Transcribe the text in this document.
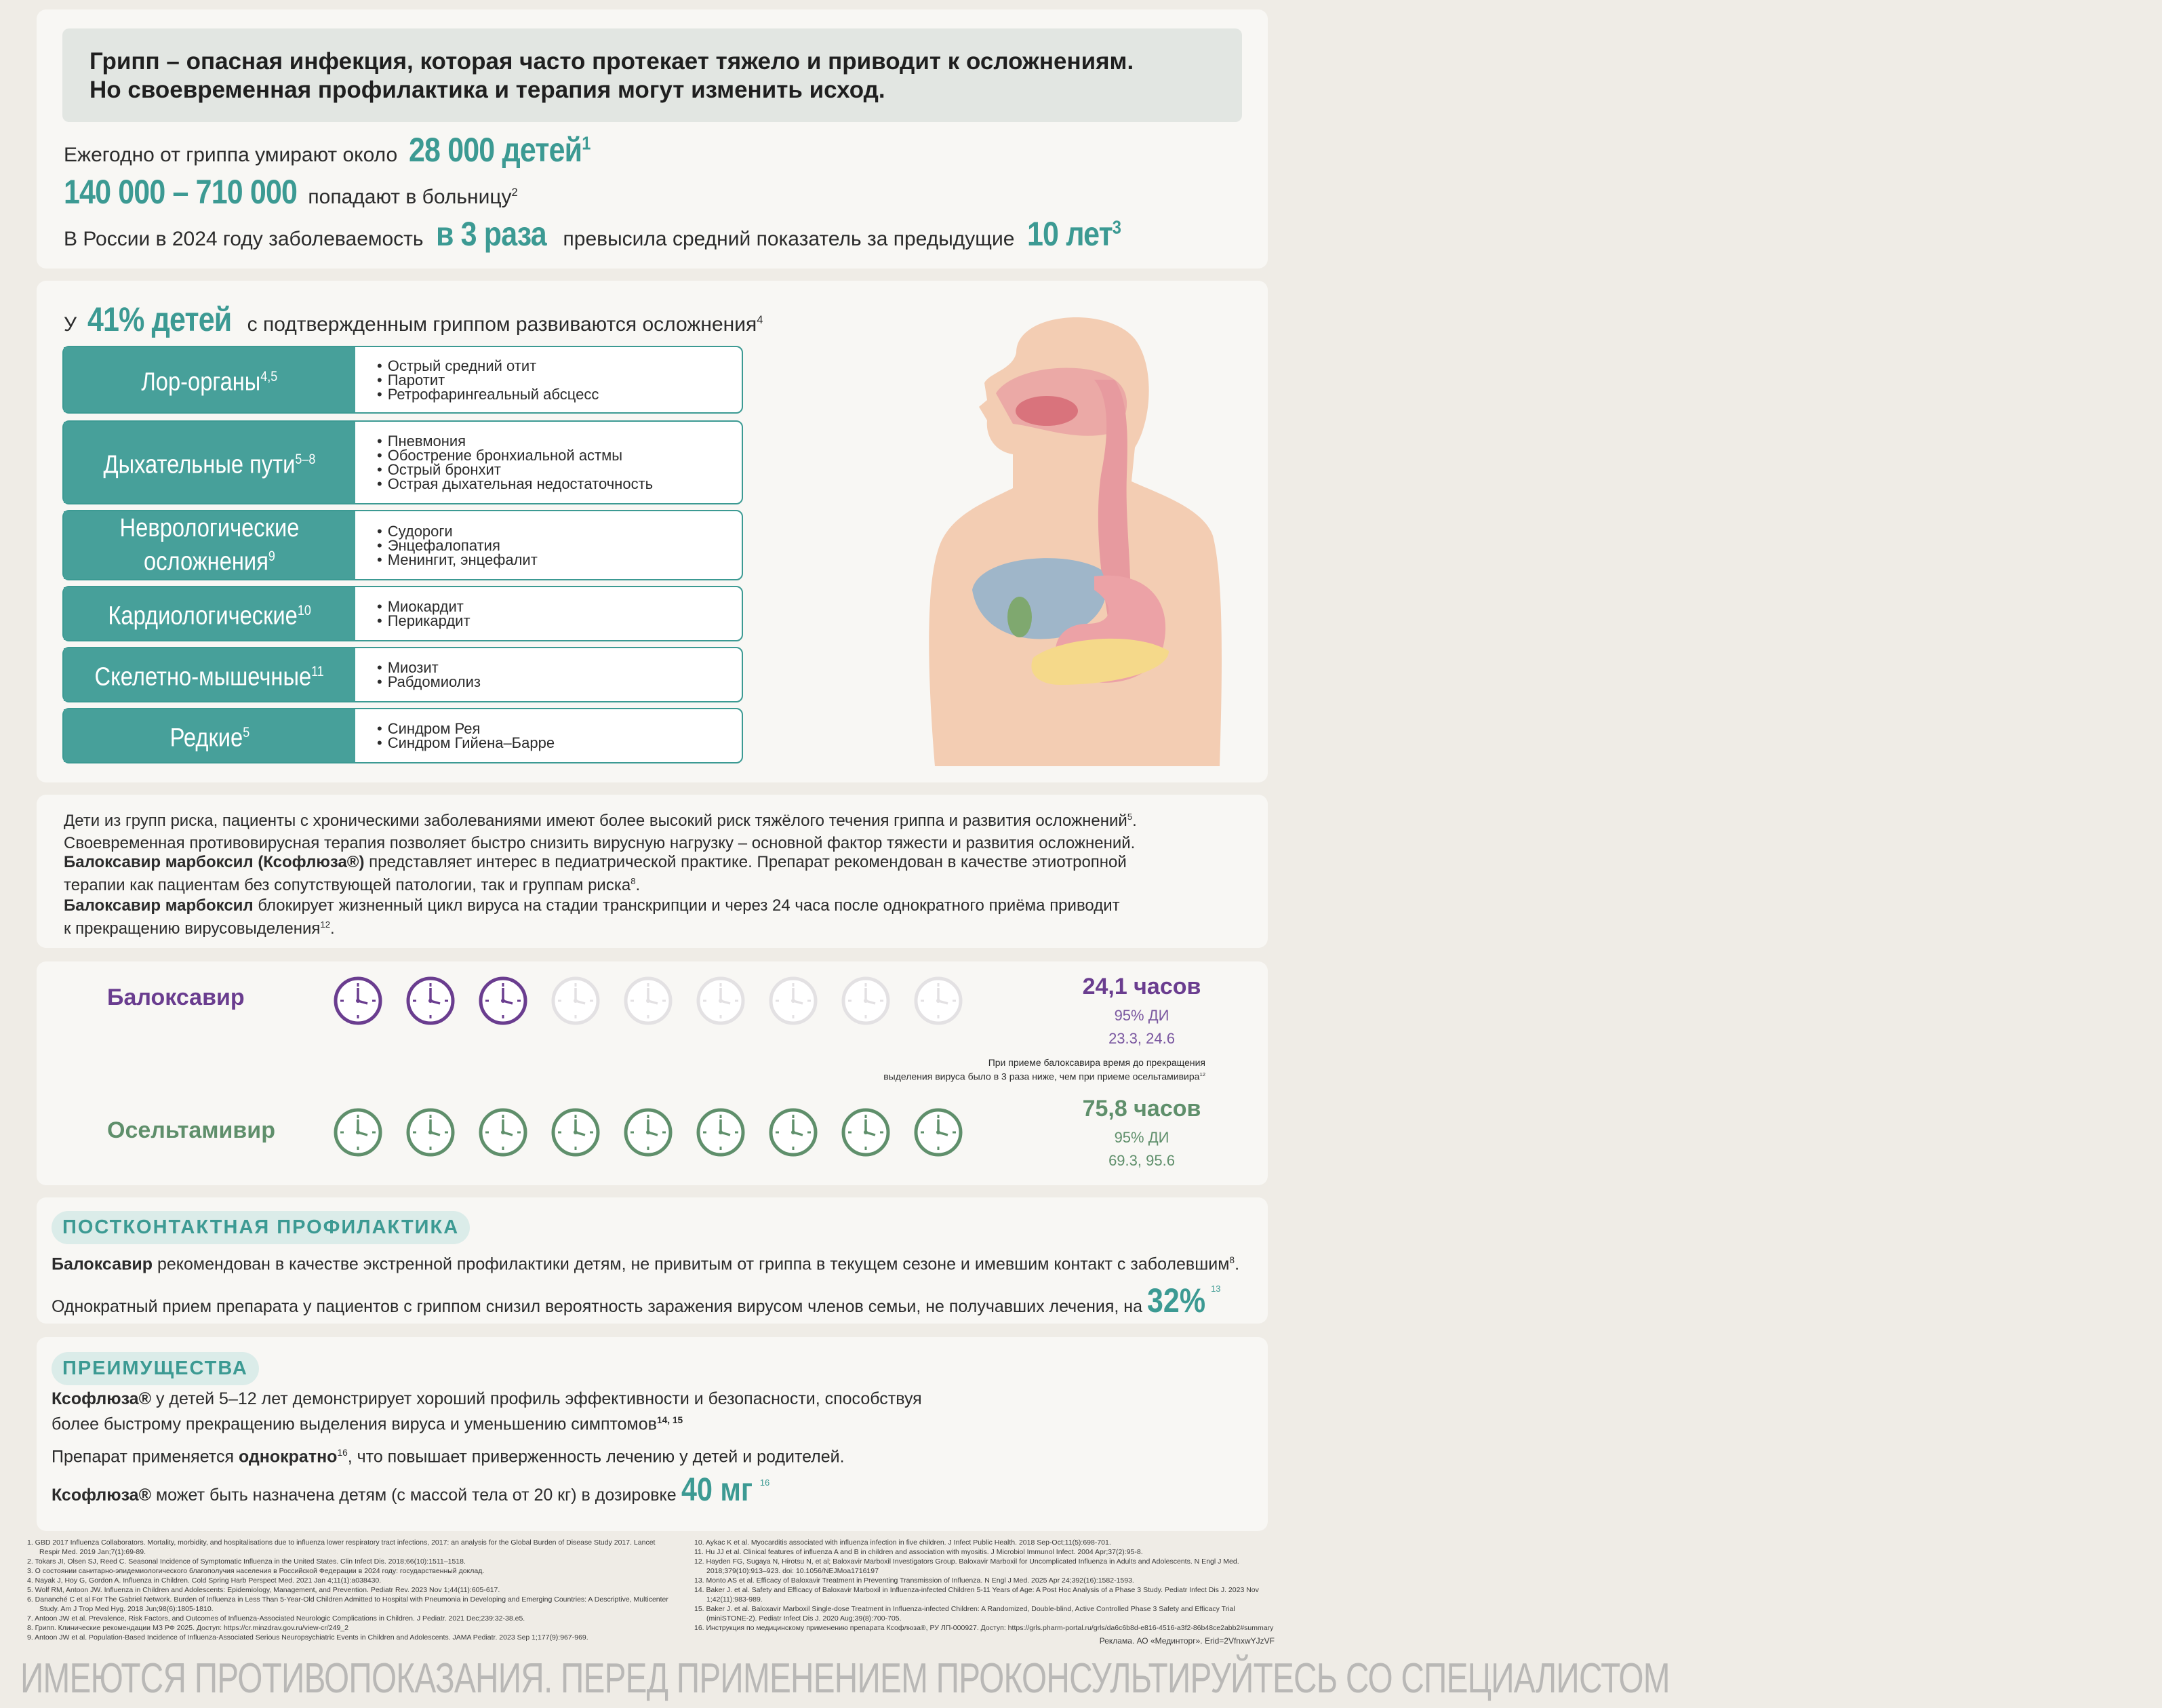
Грипп – опасная инфекция, которая часто протекает тяжело и приводит к осложнениям.
Но своевременная профилактика и терапия могут изменить исход.
Ежегодно от гриппа умирают около 28 000 детей$^1$
140 000 – 710 000 попадают в больницу$^2$
В России в 2024 году заболеваемость в 3 раза превысила средний показатель за предыдущие 10 лет$^3$
У 41% детей с подтвержденным гриппом развиваются осложнения$^4$
Лор-органы$^{4,5}$
• Острый средний отит
• Паротит
• Ретрофарингеальный абсцесс
Дыхательные пути$^{5-8}$
• Пневмония
• Обострение бронхиальной астмы
• Острый бронхит
• Острая дыхательная недостаточность
Неврологические
осложнения$^9$
• Судороги
• Энцефалопатия
• Менингит, энцефалит
Кардиологические$^{10}$	• Миокардит
• Перикардит
Скелетно-мышечные$^{11}$	• Миозит
• Рабдомиолиз
Редкие$^5$	• Синдром Рея
• Синдром Гийена–Барре
Дети из групп риска, пациенты с хроническими заболеваниями имеют более высокий риск тяжёлого течения гриппа и развития осложнений$^5$.
Своевременная противовирусная терапия позволяет быстро снизить вирусную нагрузку – основной фактор тяжести и развития осложнений.
Балоксавир марбоксил (Ксофлюза®) представляет интерес в педиатрической практике. Препарат рекомендован в качестве этиотропной
терапии как пациентам без сопутствующей патологии, так и группам риска$^8$.
Балоксавир марбоксил блокирует жизненный цикл вируса на стадии транскрипции и через 24 часа после однократного приёма приводит
к прекращению вирусовыделения$^{12}$.
Балоксавир	24,1 часов
95% ДИ
23.3, 24.6
При приеме балоксавира время до прекращения
выделения вируса было в 3 раза ниже, чем при приеме осельтамивира$^{12}$
Осельтамивир
75,8 часов
95% ДИ
69.3, 95.6
ПОСТКОНТАКТНАЯ ПРОФИЛАКТИКА
Балоксавир рекомендован в качестве экстренной профилактики детям, не привитым от гриппа в текущем сезоне и имевшим контакт с заболевшим$^8$.
Однократный прием препарата у пациентов с гриппом снизил вероятность заражения вирусом членов семьи, не получавших лечения, на 32% $^{13}$
ПРЕИМУЩЕСТВА
Ксофлюза® у детей 5–12 лет демонстрирует хороший профиль эффективности и безопасности, способствуя
более быстрому прекращению выделения вируса и уменьшению симптомов$^{14, 15}$
Препарат применяется однократно$^{16}$, что повышает приверженность лечению у детей и родителей.
Ксофлюза® может быть назначена детям (с массой тела от 20 кг) в дозировке 40 мг $^{16}$
1. GBD 2017 Influenza Collaborators. Mortality, morbidity, and hospitalisations due to influenza lower respiratory tract infections, 2017: an analysis for the Global Burden of Disease Study 2017. Lancet Respir Med. 2019 Jan;7(1):69-89.
2. Tokars JI, Olsen SJ, Reed C. Seasonal Incidence of Symptomatic Influenza in the United States. Clin Infect Dis. 2018;66(10):1511–1518.
3. О состоянии санитарно-эпидемиологического благополучия населения в Российской Федерации в 2024 году: государственный доклад.
4. Nayak J, Hoy G, Gordon A. Influenza in Children. Cold Spring Harb Perspect Med. 2021 Jan 4;11(1):a038430.
5. Wolf RM, Antoon JW. Influenza in Children and Adolescents: Epidemiology, Management, and Prevention. Pediatr Rev. 2023 Nov 1;44(11):605-617.
6. Dananché C et al For The Gabriel Network. Burden of Influenza in Less Than 5-Year-Old Children Admitted to Hospital with Pneumonia in Developing and Emerging Countries: A Descriptive, Multicenter Study. Am J Trop Med Hyg. 2018 Jun;98(6):1805-1810.
7. Antoon JW et al. Prevalence, Risk Factors, and Outcomes of Influenza-Associated Neurologic Complications in Children. J Pediatr. 2021 Dec;239:32-38.e5.
8. Грипп. Клинические рекомендации МЗ РФ 2025. Доступ: https://cr.minzdrav.gov.ru/view-cr/249_2
9. Antoon JW et al. Population-Based Incidence of Influenza-Associated Serious Neuropsychiatric Events in Children and Adolescents. JAMA Pediatr. 2023 Sep 1;177(9):967-969.
10. Aykac K et al. Myocarditis associated with influenza infection in five children. J Infect Public Health. 2018 Sep-Oct;11(5):698-701.
11. Hu JJ et al. Clinical features of influenza A and B in children and association with myositis. J Microbiol Immunol Infect. 2004 Apr;37(2):95-8.
12. Hayden FG, Sugaya N, Hirotsu N, et al; Baloxavir Marboxil Investigators Group. Baloxavir Marboxil for Uncomplicated Influenza in Adults and Adolescents. N Engl J Med. 2018;379(10):913–923. doi: 10.1056/NEJMoa1716197
13. Monto AS et al. Efficacy of Baloxavir Treatment in Preventing Transmission of Influenza. N Engl J Med. 2025 Apr 24;392(16):1582-1593.
14. Baker J. et al. Safety and Efficacy of Baloxavir Marboxil in Influenza-infected Children 5-11 Years of Age: A Post Hoc Analysis of a Phase 3 Study. Pediatr Infect Dis J. 2023 Nov 1;42(11):983-989.
15. Baker J. et al. Baloxavir Marboxil Single-dose Treatment in Influenza-infected Children: A Randomized, Double-blind, Active Controlled Phase 3 Safety and Efficacy Trial (miniSTONE-2). Pediatr Infect Dis J. 2020 Aug;39(8):700-705.
16. Инструкция по медицинскому применению препарата Ксофлюза®, РУ ЛП-000927. Доступ: https://grls.pharm-portal.ru/grls/da6c6b8d-e816-4516-a3f2-86b48ce2abb2#summary
Реклама. АО «Мединторг». Erid=2VfnxwYJzVF
ИМЕЮТСЯ ПРОТИВОПОКАЗАНИЯ. ПЕРЕД ПРИМЕНЕНИЕМ ПРОКОНСУЛЬТИРУЙТЕСЬ СО СПЕЦИАЛИСТОМ
